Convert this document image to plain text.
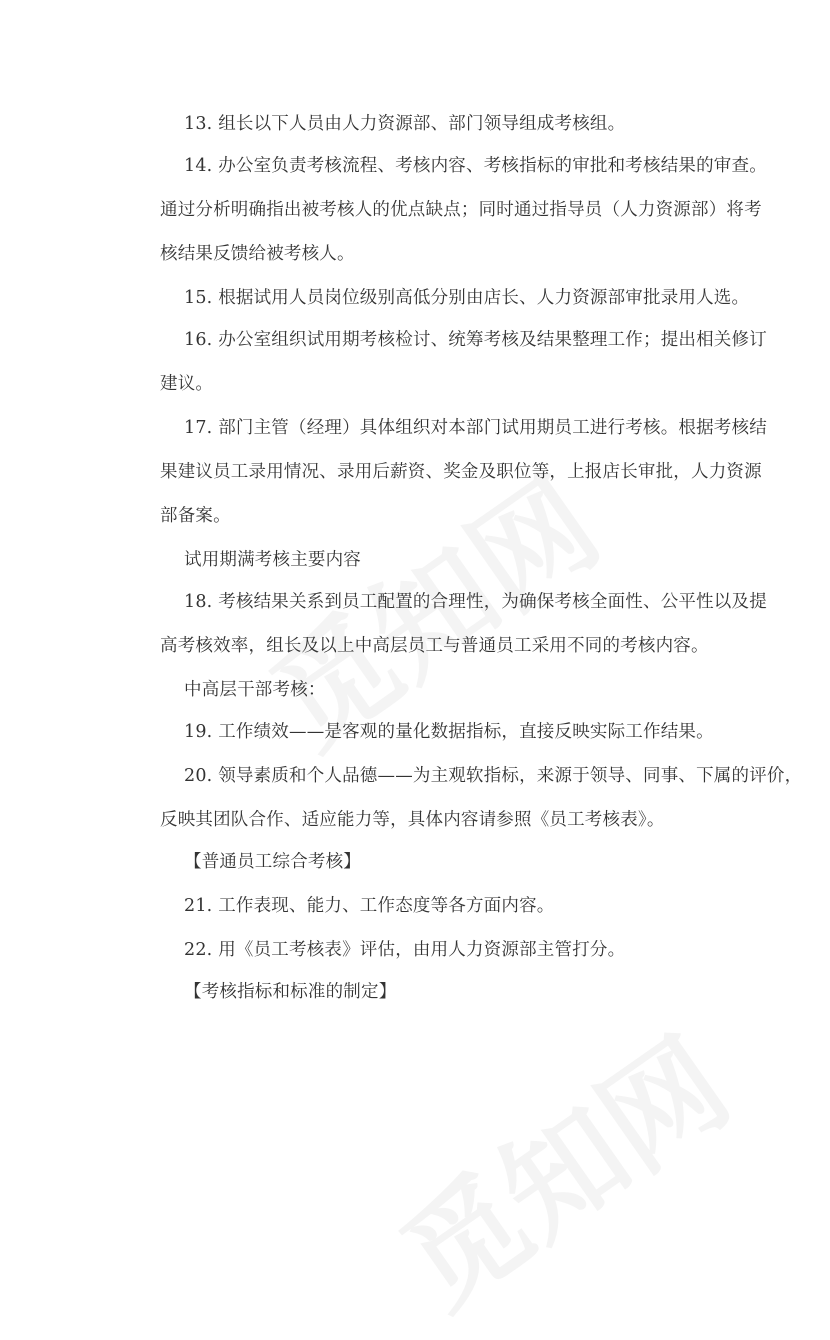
13. 组长以下人员由人力资源部、部门领导组成考核组。
14. 办公室负责考核流程、考核内容、考核指标的审批和考核结果的审查。
通过分析明确指出被考核人的优点缺点；同时通过指导员（人力资源部）将考
核结果反馈给被考核人。
15. 根据试用人员岗位级别高低分别由店长、人力资源部审批录用人选。
16. 办公室组织试用期考核检讨、统筹考核及结果整理工作；提出相关修订
建议。
17. 部门主管（经理）具体组织对本部门试用期员工进行考核。根据考核结
果建议员工录用情况、录用后薪资、奖金及职位等，上报店长审批，人力资源
部备案。
试用期满考核主要内容
18. 考核结果关系到员工配置的合理性，为确保考核全面性、公平性以及提
高考核效率，组长及以上中高层员工与普通员工采用不同的考核内容。
中高层干部考核：
19. 工作绩效——是客观的量化数据指标，直接反映实际工作结果。
20. 领导素质和个人品德——为主观软指标，来源于领导、同事、下属的评价，
反映其团队合作、适应能力等，具体内容请参照《员工考核表》。
【普通员工综合考核】
21. 工作表现、能力、工作态度等各方面内容。
22. 用《员工考核表》评估，由用人力资源部主管打分。
【考核指标和标准的制定】
